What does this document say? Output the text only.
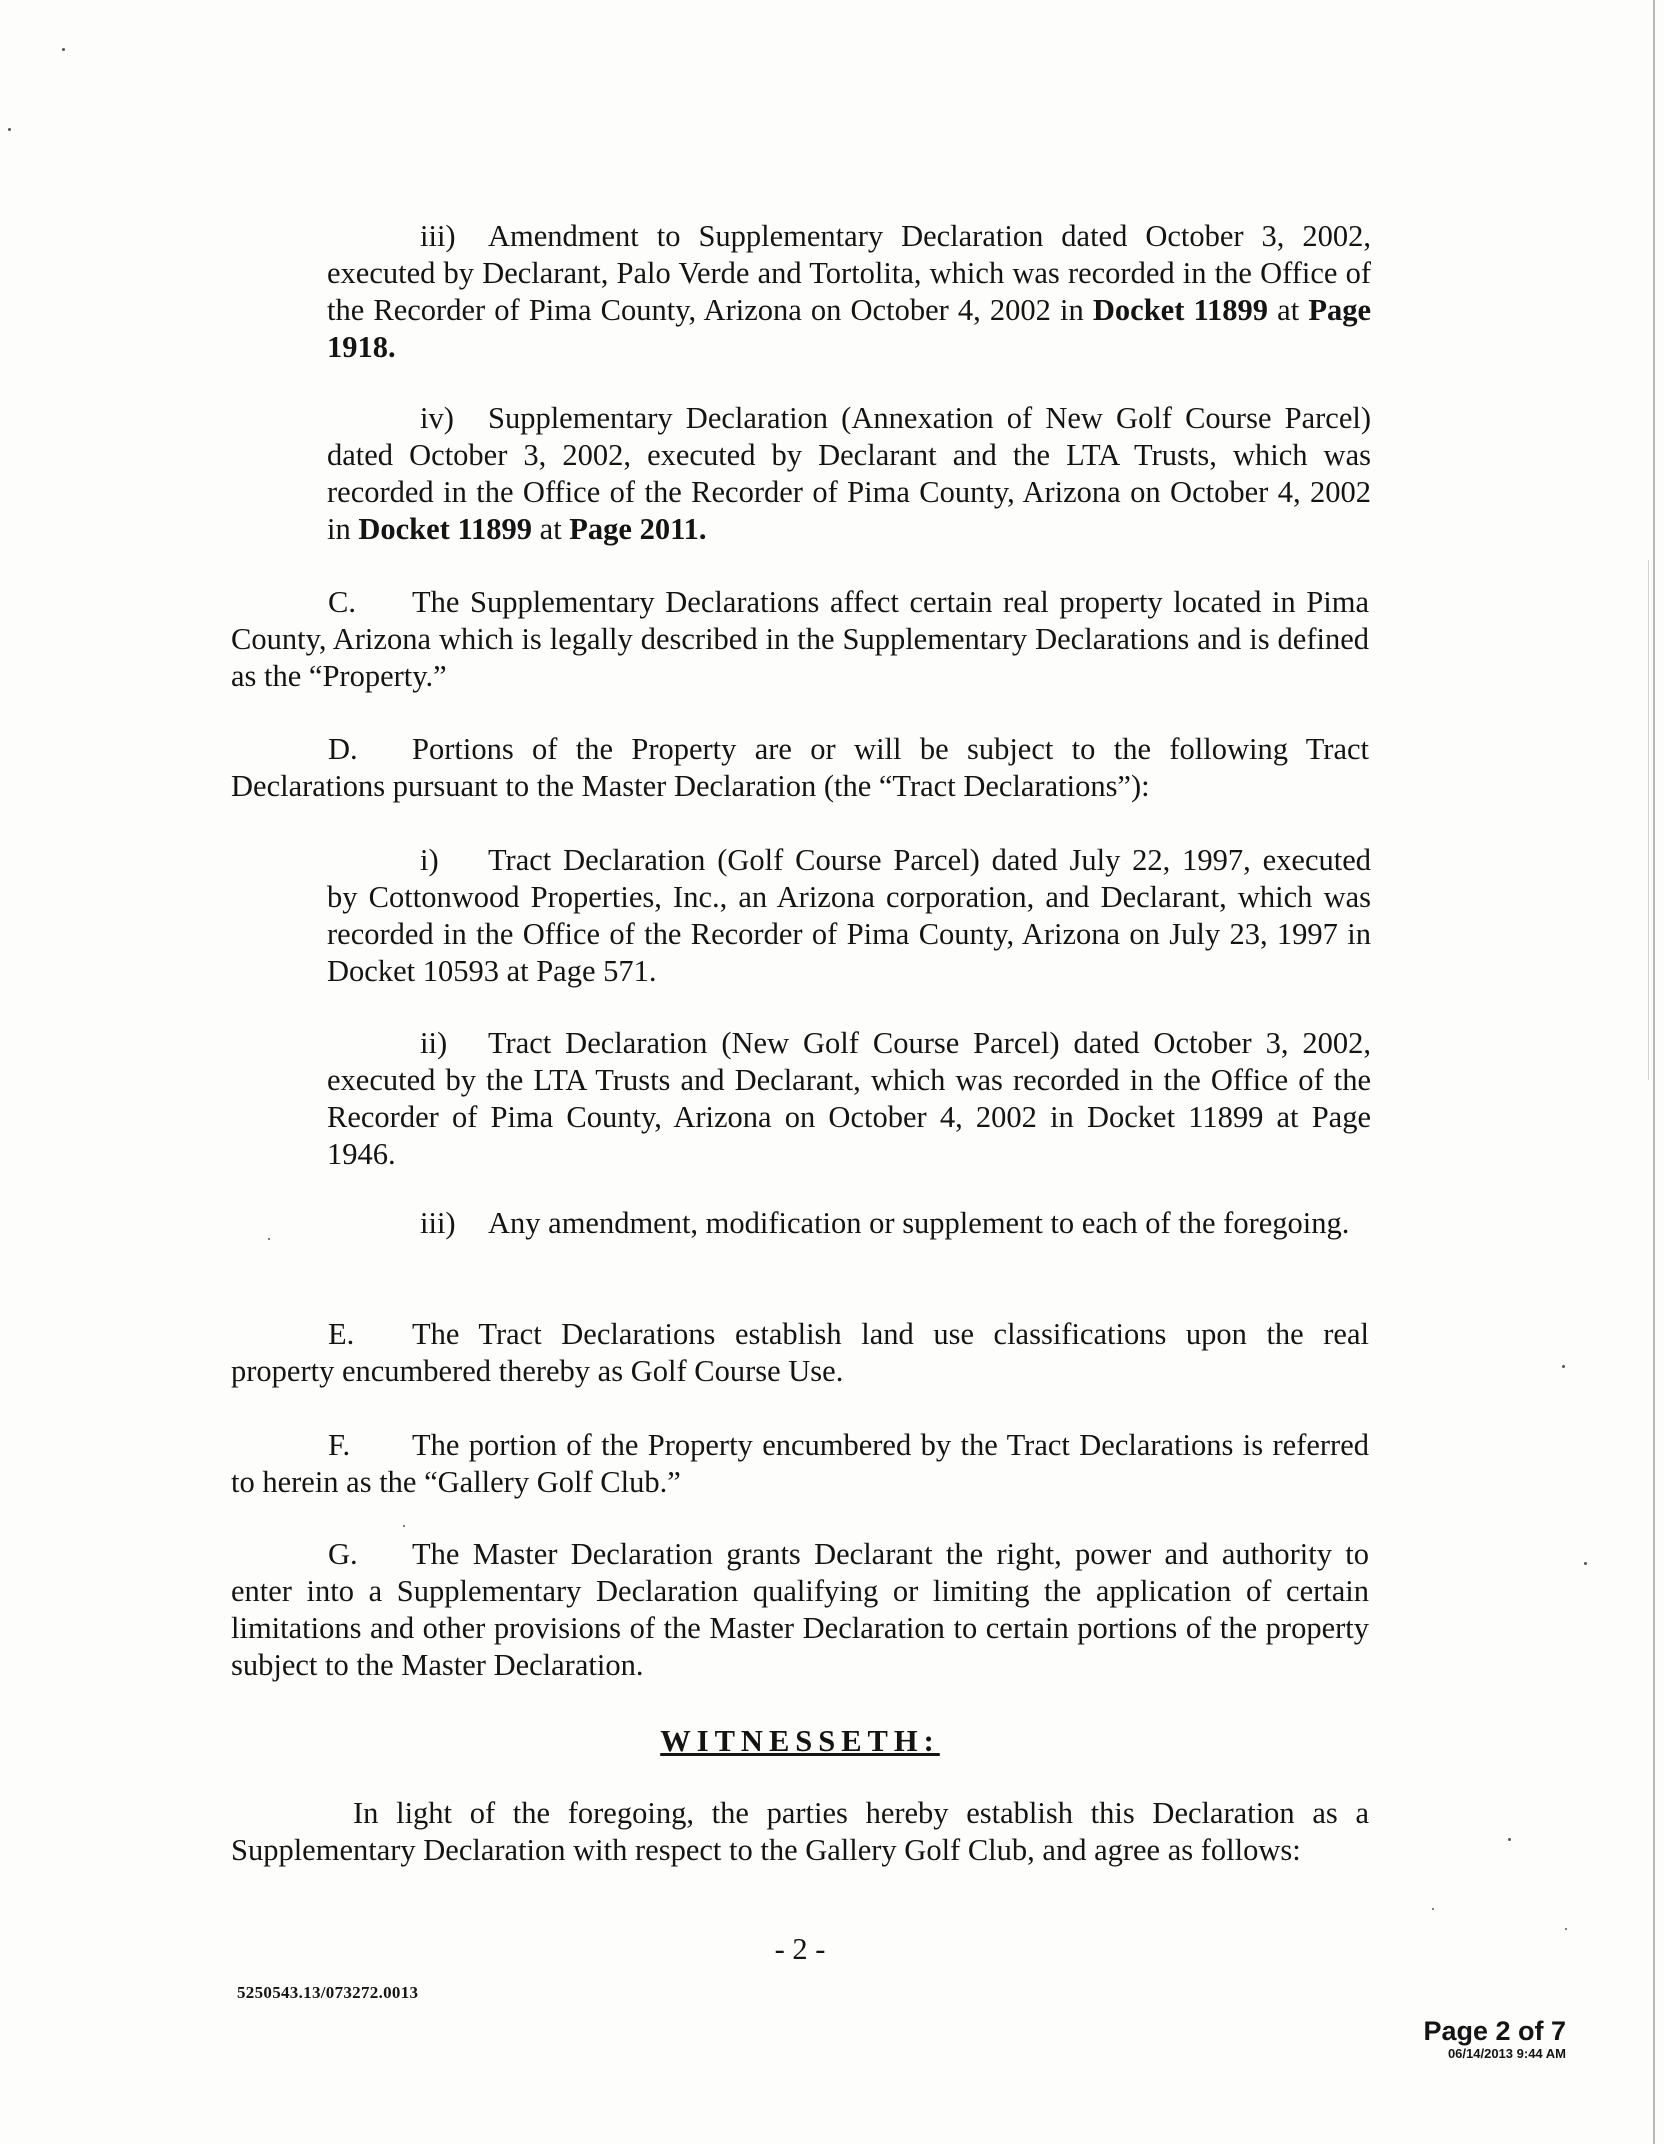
iii) Amendment to Supplementary Declaration dated October 3, 2002, executed by Declarant, Palo Verde and Tortolita, which was recorded in the Office of the Recorder of Pima County, Arizona on October 4, 2002 in Docket 11899 at Page 1918.

iv) Supplementary Declaration (Annexation of New Golf Course Parcel) dated October 3, 2002, executed by Declarant and the LTA Trusts, which was recorded in the Office of the Recorder of Pima County, Arizona on October 4, 2002 in Docket 11899 at Page 2011.

C. The Supplementary Declarations affect certain real property located in Pima County, Arizona which is legally described in the Supplementary Declarations and is defined as the “Property.”

D. Portions of the Property are or will be subject to the following Tract Declarations pursuant to the Master Declaration (the “Tract Declarations”):

i) Tract Declaration (Golf Course Parcel) dated July 22, 1997, executed by Cottonwood Properties, Inc., an Arizona corporation, and Declarant, which was recorded in the Office of the Recorder of Pima County, Arizona on July 23, 1997 in Docket 10593 at Page 571.

ii) Tract Declaration (New Golf Course Parcel) dated October 3, 2002, executed by the LTA Trusts and Declarant, which was recorded in the Office of the Recorder of Pima County, Arizona on October 4, 2002 in Docket 11899 at Page 1946.

iii) Any amendment, modification or supplement to each of the foregoing.

E. The Tract Declarations establish land use classifications upon the real property encumbered thereby as Golf Course Use.

F. The portion of the Property encumbered by the Tract Declarations is referred to herein as the “Gallery Golf Club.”

G. The Master Declaration grants Declarant the right, power and authority to enter into a Supplementary Declaration qualifying or limiting the application of certain limitations and other provisions of the Master Declaration to certain portions of the property subject to the Master Declaration.

WITNESSETH:

In light of the foregoing, the parties hereby establish this Declaration as a Supplementary Declaration with respect to the Gallery Golf Club, and agree as follows:

- 2 -
5250543.13/073272.0013
Page 2 of 7
06/14/2013 9:44 AM
